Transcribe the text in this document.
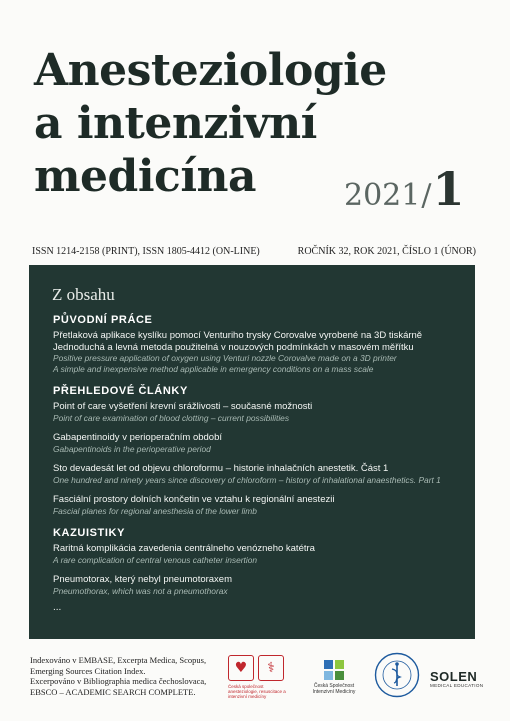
Anesteziologie
a intenzivní
medicína	2021/1
ISSN 1214-2158 (PRINT), ISSN 1805-4412 (ON-LINE)	ROČNÍK 32, ROK 2021, ČÍSLO 1 (ÚNOR)
Z obsahu
PŮVODNÍ PRÁCE
Přetlaková aplikace kyslíku pomocí Venturiho trysky Corovalve vyrobené na 3D tiskárně
Jednoduchá a levná metoda použitelná v nouzových podmínkách v masovém měřítku
Positive pressure application of oxygen using Venturi nozzle Corovalve made on a 3D printer
A simple and inexpensive method applicable in emergency conditions on a mass scale
PŘEHLEDOVÉ ČLÁNKY
Point of care vyšetření krevní srážlivosti – současné možnosti
Point of care examination of blood clotting – current possibilities
Gabapentinoidy v perioperačním období
Gabapentinoids in the perioperative period
Sto devadesát let od objevu chloroformu – historie inhalačních anestetik. Část 1
One hundred and ninety years since discovery of chloroform – history of inhalational anaesthetics. Part 1
Fasciální prostory dolních končetin ve vztahu k regionální anestezii
Fascial planes for regional anesthesia of the lower limb
KAZUISTIKY
Raritná komplikácia zavedenia centrálneho venózneho katétra
A rare complication of central venous catheter insertion
Pneumotorax, který nebyl pneumotoraxem
Pneumothorax, which was not a pneumothorax
...
Indexováno v EMBASE, Excerpta Medica, Scopus,
Emerging Sources Citation Index.
Excerpováno v Bibliographia medica čechoslovaca,
EBSCO – ACADEMIC SEARCH COMPLETE.
♥	⚕
Česká společnost anesteziologie, resuscitace a intenzivní medicíny
Česká Společnost
Intenzivní Medicíny
SOLEN
MEDICAL EDUCATION
